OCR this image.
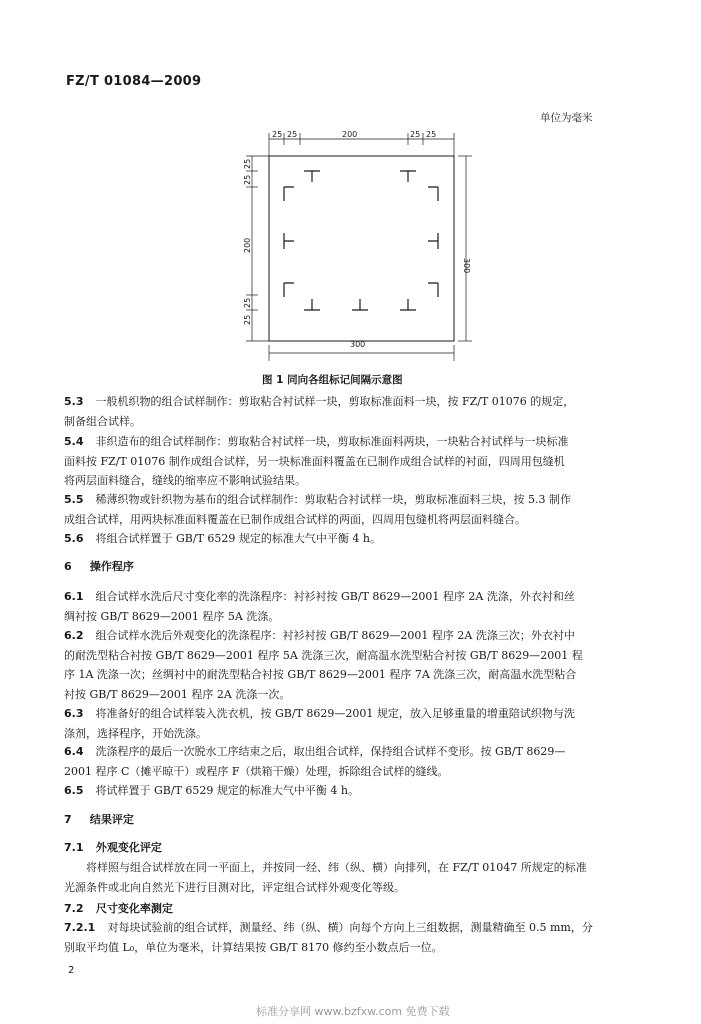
FZ/T 01084—2009
单位为毫米
25 25	200	25 25
25
25
200
25
25
300
300
图 1 同向各组标记间隔示意图
5.3 一般机织物的组合试样制作：剪取粘合衬试样一块，剪取标准面料一块，按 FZ/T 01076 的规定，
制备组合试样。
5.4 非织造布的组合试样制作：剪取粘合衬试样一块，剪取标准面料两块，一块粘合衬试样与一块标准
面料按 FZ/T 01076 制作成组合试样，另一块标准面料覆盖在已制作成组合试样的衬面，四周用包缝机
将两层面料缝合，缝线的缩率应不影响试验结果。
5.5 稀薄织物或针织物为基布的组合试样制作：剪取粘合衬试样一块，剪取标准面料三块，按 5.3 制作
成组合试样，用两块标准面料覆盖在已制作成组合试样的两面，四周用包缝机将两层面料缝合。
5.6 将组合试样置于 GB/T 6529 规定的标准大气中平衡 4 h。
6 操作程序
6.1 组合试样水洗后尺寸变化率的洗涤程序：衬衫衬按 GB/T 8629—2001 程序 2A 洗涤，外衣衬和丝
绸衬按 GB/T 8629—2001 程序 5A 洗涤。
6.2 组合试样水洗后外观变化的洗涤程序：衬衫衬按 GB/T 8629—2001 程序 2A 洗涤三次；外衣衬中
的耐洗型粘合衬按 GB/T 8629—2001 程序 5A 洗涤三次，耐高温水洗型粘合衬按 GB/T 8629—2001 程
序 1A 洗涤一次；丝绸衬中的耐洗型粘合衬按 GB/T 8629—2001 程序 7A 洗涤三次，耐高温水洗型粘合
衬按 GB/T 8629—2001 程序 2A 洗涤一次。
6.3 将准备好的组合试样装入洗衣机，按 GB/T 8629—2001 规定，放入足够重量的增重陪试织物与洗
涤剂，选择程序，开始洗涤。
6.4 洗涤程序的最后一次脱水工序结束之后，取出组合试样，保持组合试样不变形。按 GB/T 8629—
2001 程序 C（摊平晾干）或程序 F（烘箱干燥）处理，拆除组合试样的缝线。
6.5 将试样置于 GB/T 6529 规定的标准大气中平衡 4 h。
7 结果评定
7.1 外观变化评定
将样照与组合试样放在同一平面上，并按同一经、纬（纵、横）向排列，在 FZ/T 01047 所规定的标准
光源条件或北向自然光下进行目测对比，评定组合试样外观变化等级。
7.2 尺寸变化率测定
7.2.1 对每块试验前的组合试样，测量经、纬（纵、横）向每个方向上三组数据，测量精确至 0.5 mm，分
别取平均值 L₀，单位为毫米，计算结果按 GB/T 8170 修约至小数点后一位。
2
标准分享网 www.bzfxw.com 免费下载
